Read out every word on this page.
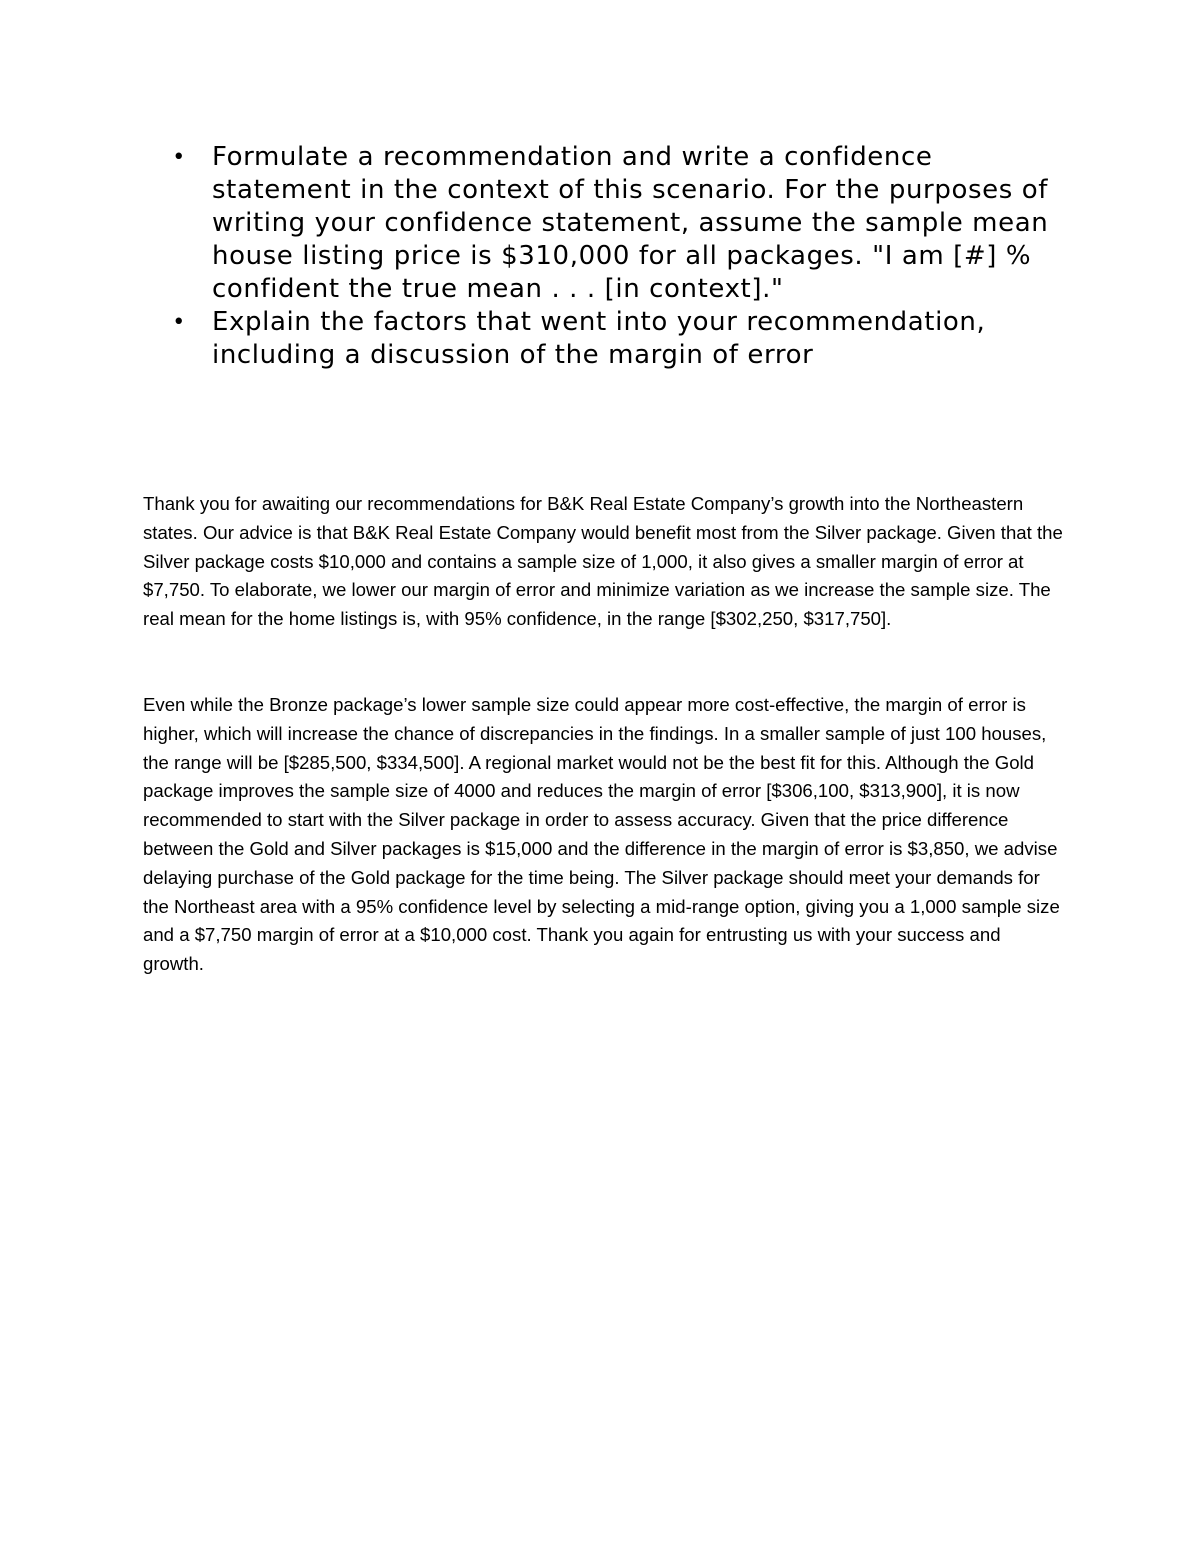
• Formulate a recommendation and write a confidence statement in the context of this scenario. For the purposes of writing your confidence statement, assume the sample mean house listing price is $310,000 for all packages. "I am [#] % confident the true mean . . . [in context]."
• Explain the factors that went into your recommendation, including a discussion of the margin of error

Thank you for awaiting our recommendations for B&K Real Estate Company’s growth into the Northeastern states. Our advice is that B&K Real Estate Company would benefit most from the Silver package. Given that the Silver package costs $10,000 and contains a sample size of 1,000, it also gives a smaller margin of error at $7,750. To elaborate, we lower our margin of error and minimize variation as we increase the sample size. The real mean for the home listings is, with 95% confidence, in the range [$302,250, $317,750].

Even while the Bronze package’s lower sample size could appear more cost-effective, the margin of error is higher, which will increase the chance of discrepancies in the findings. In a smaller sample of just 100 houses, the range will be [$285,500, $334,500]. A regional market would not be the best fit for this. Although the Gold package improves the sample size of 4000 and reduces the margin of error [$306,100, $313,900], it is now recommended to start with the Silver package in order to assess accuracy. Given that the price difference between the Gold and Silver packages is $15,000 and the difference in the margin of error is $3,850, we advise delaying purchase of the Gold package for the time being. The Silver package should meet your demands for the Northeast area with a 95% confidence level by selecting a mid-range option, giving you a 1,000 sample size and a $7,750 margin of error at a $10,000 cost. Thank you again for entrusting us with your success and growth.
